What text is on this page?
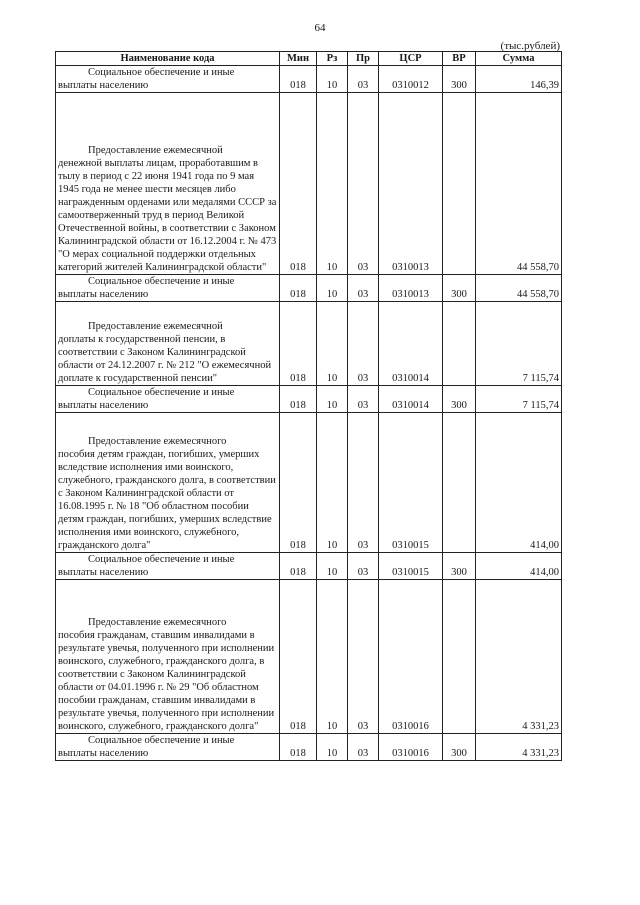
64
(тыс.рублей)
Наименование кода	Мин	Рз	Пр	ЦСР	ВР	Сумма

Социальное обеспечение и иные
выплаты населению	018	10	03	0310012	300	146,39

Предоставление ежемесячной
денежной выплаты лицам, проработавшим в тылу в период с 22 июня 1941 года по 9 мая 1945 года не менее шести месяцев либо награжденным орденами или медалями СССР за самоотверженный труд в период Великой Отечественной войны, в соответствии с Законом Калининградской области от 16.12.2004 г. № 473 "О мерах социальной поддержки отдельных категорий жителей Калининградской области"	018	10	03	0310013		44 558,70

Социальное обеспечение и иные
выплаты населению	018	10	03	0310013	300	44 558,70

Предоставление ежемесячной
доплаты к государственной пенсии, в соответствии с Законом Калининградской области от 24.12.2007 г. № 212 "О ежемесячной доплате к государственной пенсии"	018	10	03	0310014		7 115,74

Социальное обеспечение и иные
выплаты населению	018	10	03	0310014	300	7 115,74

Предоставление ежемесячного
пособия детям граждан, погибших, умерших вследствие исполнения ими воинского, служебного, гражданского долга, в соответствии с Законом Калининградской области от 16.08.1995 г. № 18 "Об областном пособии детям граждан, погибших, умерших вследствие исполнения ими воинского, служебного, гражданского долга"	018	10	03	0310015		414,00

Социальное обеспечение и иные
выплаты населению	018	10	03	0310015	300	414,00

Предоставление ежемесячного
пособия гражданам, ставшим инвалидами в результате увечья, полученного при исполнении воинского, служебного, гражданского долга, в соответствии с Законом Калининградской области от 04.01.1996 г. № 29 "Об областном пособии гражданам, ставшим инвалидами в результате увечья, полученного при исполнении воинского, служебного, гражданского долга"	018	10	03	0310016		4 331,23

Социальное обеспечение и иные
выплаты населению	018	10	03	0310016	300	4 331,23
